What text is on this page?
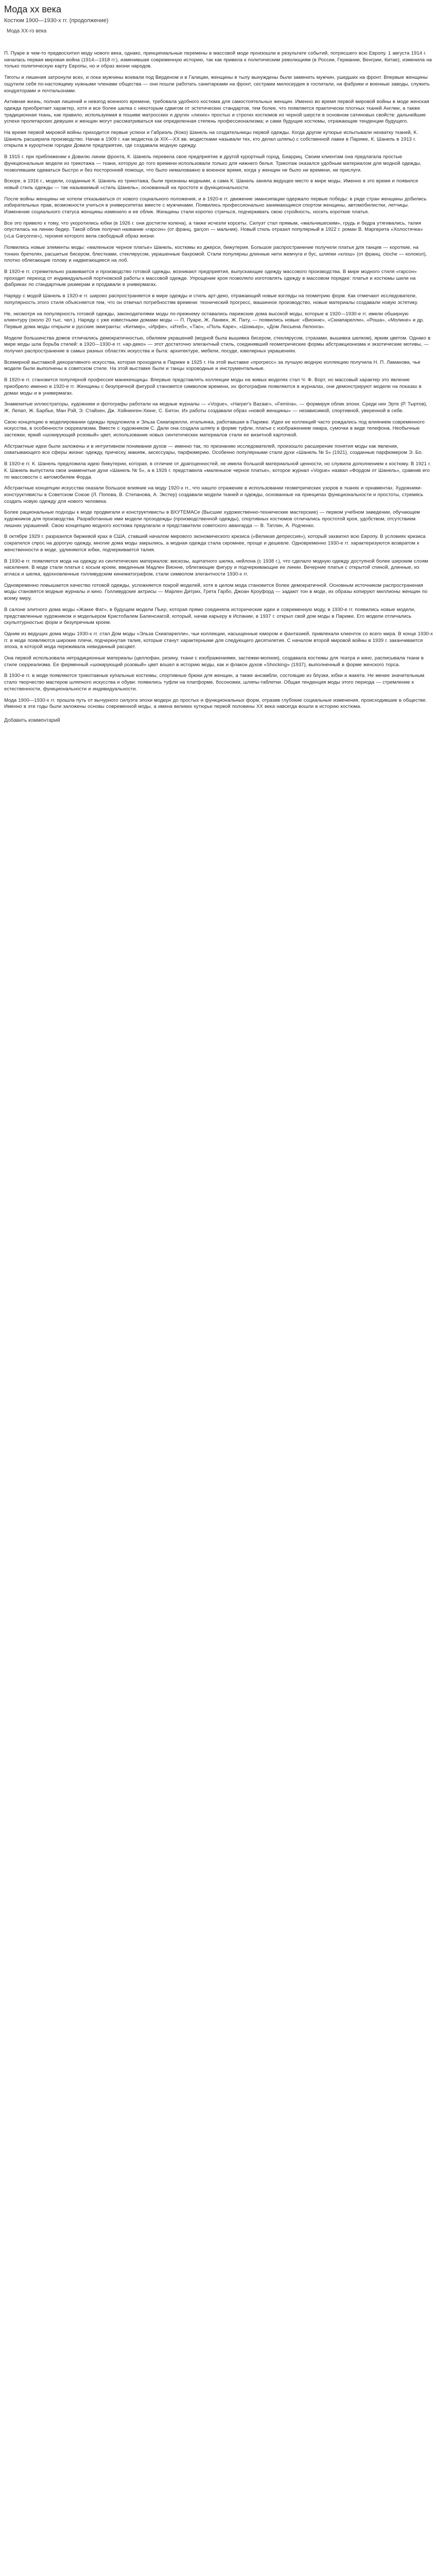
Мода хх века
Костюм 1900—1930-х гг. (продолжение)
Мода ХХ-го века

П. Пуаре в чем-то предвосхитил моду нового века, однако, принципиальные перемены в массовой моде произошли в результате событий, потрясшего всю Европу. 1 августа 1914 г. началась первая мировая война (1914—1918 гг.), изменившая современную историю, так как привела к политическим революциям (в России, Германии, Венгрии, Китае), изменила на только политическую карту Европы, но и образ жизни народов.

Тяготы и лишения затронули всех, и пока мужчины воевали под Верденом и в Галиции, женщины в тылу вынуждены были заменить мужчин, ушедших на фронт. Впервые женщины ощутили себя по-настоящему нужными членами общества — они пошли работать санитарками на фронт, сестрами милосердия в госпитали, на фабрики и военные заводы, служить кондукторами и почтальонами.

Активная жизнь, полная лишений и невзгод военного времени, требовала удобного костюма для самостоятельных женщин. Именно во время первой мировой войны в моде женская одежда приобретает характер, хотя и все более шелка с некоторым сдвигом от эстетических стандартов, тем более, что появляется практически плотных тканей Англии, а также традиционная ткань, как правило, используемая в пошиве матросских и других «лихих» простых и строгих костюмов из черной шерсти в основном сатиновых свойств: дальнейшие успехи пролетарских девушек и женщин могут рассматриваться как определенная степень профессионализма; и сами будущие костюмы, отражающие тенденции будущего.

На время первой мировой войны приходится первые успехи и Габриэль (Коко) Шанель на создательницы первой одежды. Когда другие кутюрье испытывали нехватку тканей, К. Шанель расширила производство. Начав в 1909 г. как модистка (в ХIХ—ХХ вв. модистками называли тех, кто делал шляпы) с собственной лавки в Париже, К. Шанель в 1913 г. открыла в курортном городке Довиле предприятие, где создавала модную одежду.

В 1915 г. при приближении к Довилю линии фронта, К. Шанель перевела свое предприятие в другой курортный город, Биарриц. Своим клиентам она предлагала простые функциональные модели из трикотажа — ткани, которую до того времени использовали только для нижнего белья. Трикотаж оказался удобным материалом для модной одежды, позволявшим одеваться быстро и без посторонней помощи, что было немаловажно в военное время, когда у женщин не было ни времени, ни прислуги.

Вскоре, в 1916 г., модели, созданные К. Шанель из трикотажа, были признаны модными, а сама К. Шанель заняла ведущее место в мире моды. Именно в это время и появился новый стиль одежды — так называемый «стиль Шанель», основанный на простоте и функциональности.

После войны женщины не хотели отказываться от нового социального положения, и в 1920-е гг. движение эмансипации одержало первые победы: в ряде стран женщины добились избирательных прав, возможности учиться в университетах вместе с мужчинами. Появились профессионально занимающиеся спортом женщины, автомобилистки, летчицы. Изменение социального статуса женщины изменило и ее облик. Женщины стали коротко стричься, подчеркивать свою стройность, носить короткие платья.

Все это привело к тому, что укоротились юбки (в 1926 г. они достигли колена), а также исчезли корсеты. Силуэт стал прямым, «мальчишеским», грудь и бедра утягивались, талия опустилась на линию бедер. Такой облик получил название «гарсон» (от франц. garçon — мальчик). Новый стиль отразил популярный в 1922 г. роман В. Маргерита «Холостячка» («La Garçonne»), героиня которого вела свободный образ жизни.

Появились новые элементы моды: «маленькое черное платье» Шанель, костюмы из джерси, бижутерия. Большое распространение получили платья для танцев — короткие, на тонких бретелях, расшитые бисером, блестками, стеклярусом, украшенные бахромой. Стали популярны длинные нити жемчуга и бус, шляпки «клош» (от франц. cloche — колокол), плотно облегающие голову и надвигающиеся на лоб.

В 1920-е гг. стремительно развивается и производство готовой одежды, возникают предприятия, выпускающие одежду массового производства. В мире модного стиля «гарсон» проходит переход от индивидуальной портновской работы к массовой одежде. Упрощение кроя позволяло изготовлять одежду в массовом порядке: платья и костюмы шили на фабриках по стандартным размерам и продавали в универмагах.

Наряду с модой Шанель в 1920-е гг. широко распространяется в мире одежды и стиль арт-деко, отражающий новые взгляды на геометрию форм. Как отмечают исследователи, популярность этого стиля объясняется тем, что он отвечал потребностям времени: технический прогресс, машинное производство, новые материалы создавали новую эстетику.

Не, несмотря на популярность готовой одежды, законодателями моды по-прежнему оставались парижские дома высокой моды, которые в 1920—1930-е гг. имели обширную клиентуру (около 20 тыс. чел.). Наряду с уже известными домами моды — П. Пуаре, Ж. Ланвен, Ж. Пату, — появились новые: «Вионне», «Скиапарелли», «Роша», «Молине» и др. Первые дома моды открыли и русские эмигранты: «Китмир», «Ирфе», «Итеб», «Тао», «Поль Каре», «Шомьер», «Дом Люсьена Лелонга».

Модели большинства домов отличались демократичностью, обилием украшений (модной была вышивка бисером, стеклярусом, стразами, вышивка шелком), ярким цветом. Однако в мире моды шла борьба стилей: в 1920—1930-е гг. «ар-деко» — этот достаточно элегантный стиль, соединявший геометрические формы абстракционизма и экзотические мотивы, — получил распространение в самых разных областях искусства и быта: архитектуре, мебели, посуде, ювелирных украшениях.

Всемирной выставкой декоративного искусства, которая проходила в Париже в 1925 г. На этой выставке «прогресс» за лучшую модную коллекцию получила Н. П. Ламанова, чье модели были выполнены в советском стиле. На этой выставке были и танцы хороводные и инструментальные.

В 1920-е гг. становится популярной профессия манекенщицы. Впервые представлять коллекции моды на живых моделях стал Ч. Ф. Ворт, но массовый характер это явление приобрело именно в 1920-е гг. Женщины с безупречной фигурой становятся символом времени, их фотографии появляются в журналах, они демонстрируют модели на показах в домах моды и в универмагах.

Знаменитые иллюстраторы, художники и фотографы работали на модные журналы — «Vogue», «Harper's Bazaar», «Femina», — формируя облик эпохи. Среди них Эрте (Р. Тыртов), Ж. Лепап, Ж. Барбье, Ман Рэй, Э. Стайхен, Дж. Хойнинген-Хюне, С. Битон. Их работы создавали образ «новой женщины» — независимой, спортивной, уверенной в себе.

Свою концепцию в моделировании одежды предложила и Эльза Скиапарелли, итальянка, работавшая в Париже. Идеи ее коллекций часто рождались под влиянием современного искусства, в особенности сюрреализма. Вместе с художником С. Дали она создала шляпу в форме туфли, платье с изображением омара, сумочки в виде телефона. Необычные застежки, яркий «шокирующий розовый» цвет, использование новых синтетических материалов стали ее визитной карточкой.

Абстрактные идеи были заложены и в интуитивном понимании духов — именно так, по признанию исследователей, произошло расширение понятия моды как явления, охватывающего все сферы жизни: одежду, прическу, макияж, аксессуары, парфюмерию. Особенно популярными стали духи «Шанель № 5» (1921), созданные парфюмером Э. Бо.

В 1920-е гг. К. Шанель предложила идею бижутерии, которая, в отличие от драгоценностей, не имела большой материальной ценности, но служила дополнением к костюму. В 1921 г. К. Шанель выпустила свои знаменитые духи «Шанель № 5», а в 1926 г. представила «маленькое черное платье», которое журнал «Vogue» назвал «Фордом от Шанель», сравнив его по массовости с автомобилем Форда.

Абстрактные концепции искусства оказали большое влияние на моду 1920-х гг., что нашло отражение в использовании геометрических узоров в тканях и орнаментах. Художники-конструктивисты в Советском Союзе (Л. Попова, В. Степанова, А. Экстер) создавали модели тканей и одежды, основанные на принципах функциональности и простоты, стремясь создать новую одежду для нового человека.

Более рациональные подходы к моде продвигали и конструктивисты в ВХУТЕМАСе (Высшие художественно-технические мастерские) — первом учебном заведении, обучающем художников для производства. Разработанные ими модели прозодежды (производственной одежды), спортивных костюмов отличались простотой кроя, удобством, отсутствием лишних украшений. Свою концепцию модного костюма предлагали и представители советского авангарда — В. Татлин, А. Родченко.

В октябре 1929 г. разразился биржевой крах в США, ставший началом мирового экономического кризиса («Великая депрессия»), который захватил всю Европу. В условиях кризиса сократился спрос на дорогую одежду, многие дома моды закрылись, а модная одежда стала скромнее, проще и дешевле. Одновременно 1930-е гг. характеризуются возвратом к женственности в моде, удлиняются юбки, подчеркивается талия.

В 1930-е гг. появляется мода на одежду из синтетических материалов: вискозы, ацетатного шелка, нейлона (с 1938 г.), что сделало модную одежду доступной более широким слоям населения. В моде стали платья с косым кроем, введенным Мадлен Вионне, облегающие фигуру и подчеркивающие ее линии. Вечерние платья с открытой спиной, длинные, из атласа и шелка, вдохновленные голливудским кинематографом, стали символом элегантности 1930-х гг.

Одновременно повышается качество готовой одежды, усложняется покрой моделей, хотя в целом мода становится более демократичной. Основным источником распространения моды становятся модные журналы и кино. Голливудские актрисы — Марлен Дитрих, Грета Гарбо, Джоан Кроуфорд — задают тон в моде, их образы копируют миллионы женщин по всему миру.

В салоне элитного дома моды «Жакке Фат», в будущем модели Пьер, которая прямо соединяла исторические идеи и современную моду, в 1930-е гг. появились новые модели, представленные художником и модельером Кристобалем Баленсиагой, который, начав карьеру в Испании, в 1937 г. открыл свой дом моды в Париже. Его модели отличались скульптурностью форм и безупречным кроем.

Одним из ведущих дома моды 1930-х гг. стал Дом моды «Эльза Скиапарелли», чьи коллекции, насыщенные юмором и фантазией, привлекали клиенток со всего мира. В конце 1930-х гг. в моде появляются широкие плечи, подчеркнутая талия, которые станут характерными для следующего десятилетия. С началом второй мировой войны в 1939 г. заканчивается эпоха, в которой мода переживала невиданный расцвет.

Она первой использовала нетрадиционные материалы (целлофан, резину, ткани с изображениями, застежки-молнии), создавала костюмы для театра и кино, расписывала ткани в стиле сюрреализма. Ее фирменный «шокирующий розовый» цвет вошел в историю моды, как и флакон духов «Shocking» (1937), выполненный в форме женского торса.

В 1930-е гг. в моде появляются трикотажные купальные костюмы, спортивные брюки для женщин, а также ансамбли, состоящие из блузки, юбки и жакета. Не менее значительным стало творчество мастеров шляпного искусства и обуви: появились туфли на платформе, босоножки, шляпы-таблетки. Общая тенденция моды этого периода — стремление к естественности, функциональности и индивидуальности.

Мода 1900—1930-х гг. прошла путь от вычурного силуэта эпохи модерн до простых и функциональных форм, отразив глубокие социальные изменения, происходившие в обществе. Именно в эти годы были заложены основы современной моды, а имена великих кутюрье первой половины XX века навсегда вошли в историю костюма.

Добавить комментарий
